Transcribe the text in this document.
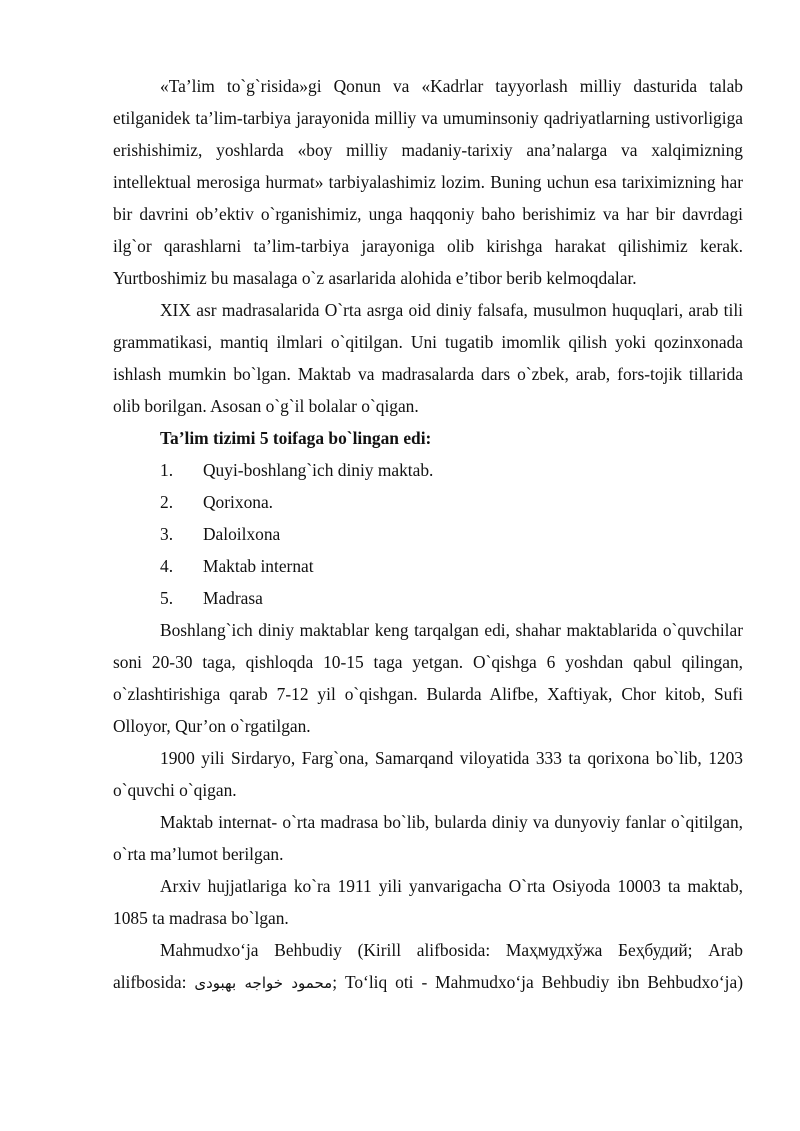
«Ta’lim to`g`risida»gi Qonun va «Kadrlar tayyorlash milliy dasturida talab etilganidek ta’lim-tarbiya jarayonida milliy va umuminsoniy qadriyatlarning ustivorligiga erishishimiz, yoshlarda «boy milliy madaniy-tarixiy ana’nalarga va xalqimizning intellektual merosiga hurmat» tarbiyalashimiz lozim. Buning uchun esa tariximizning har bir davrini ob’ektiv o`rganishimiz, unga haqqoniy baho berishimiz va har bir davrdagi ilg`or qarashlarni ta’lim-tarbiya jarayoniga olib kirishga harakat qilishimiz kerak. Yurtboshimiz bu masalaga o`z asarlarida alohida e’tibor berib kelmoqdalar.

XIX asr madrasalarida O`rta asrga oid diniy falsafa, musulmon huquqlari, arab tili grammatikasi, mantiq ilmlari o`qitilgan. Uni tugatib imomlik qilish yoki qozinxonada ishlash mumkin bo`lgan. Maktab va madrasalarda dars o`zbek, arab, fors-tojik tillarida olib borilgan. Asosan o`g`il bolalar o`qigan.

Ta’lim tizimi 5 toifaga bo`lingan edi:

1.	Quyi-boshlang`ich diniy maktab.
2.	Qorixona.
3.	Daloilxona
4.	Maktab internat
5.	Madrasa

Boshlang`ich diniy maktablar keng tarqalgan edi, shahar maktablarida o`quvchilar soni 20-30 taga, qishloqda 10-15 taga yetgan. O`qishga 6 yoshdan qabul qilingan, o`zlashtirishiga qarab 7-12 yil o`qishgan. Bularda Alifbe, Xaftiyak, Chor kitob, Sufi Olloyor, Qur’on o`rgatilgan.

1900 yili Sirdaryo, Farg`ona, Samarqand viloyatida 333 ta qorixona bo`lib, 1203 o`quvchi o`qigan.

Maktab internat- o`rta madrasa bo`lib, bularda diniy va dunyoviy fanlar o`qitilgan, o`rta ma’lumot berilgan.

Arxiv hujjatlariga ko`ra 1911 yili yanvarigacha O`rta Osiyoda 10003 ta maktab, 1085 ta madrasa bo`lgan.

Mahmudxo‘ja Behbudiy (Kirill alifbosida: Маҳмудхўжа Беҳбудий; Arab alifbosida: محمود خواجه بهبودی; To‘liq oti - Mahmudxo‘ja Behbudiy ibn Behbudxo‘ja)
